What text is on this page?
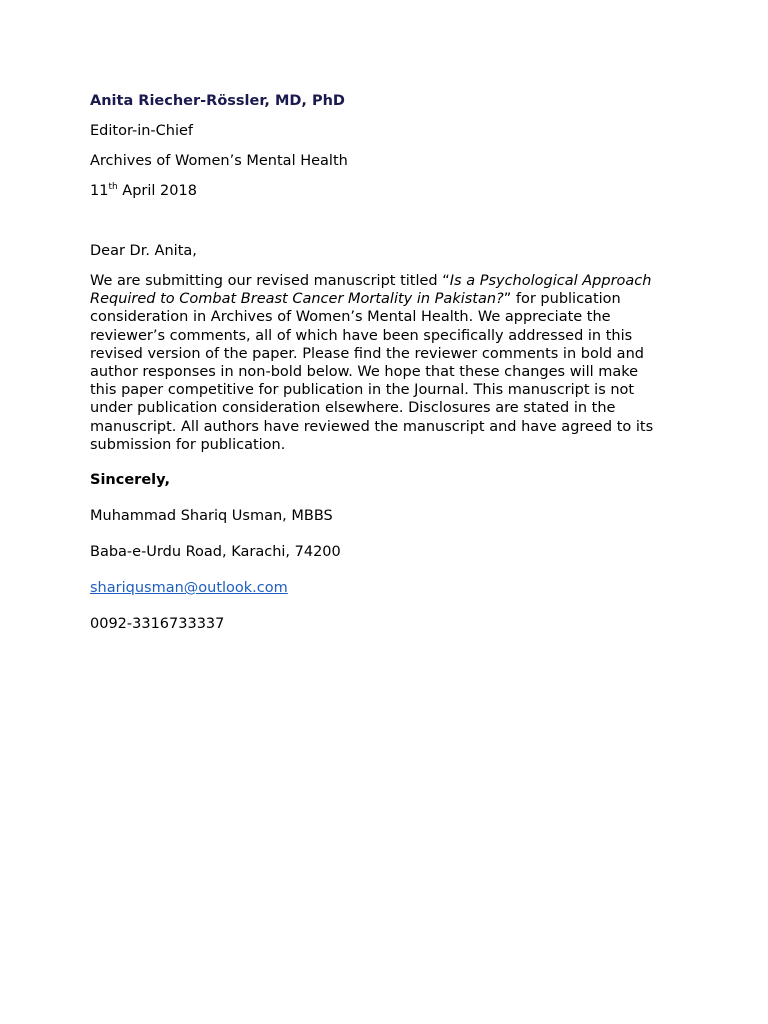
Anita Riecher-Rössler, MD, PhD
Editor-in-Chief
Archives of Women’s Mental Health
11th April 2018
Dear Dr. Anita,
We are submitting our revised manuscript titled “Is a Psychological Approach
Required to Combat Breast Cancer Mortality in Pakistan?” for publication
consideration in Archives of Women’s Mental Health. We appreciate the
reviewer’s comments, all of which have been specifically addressed in this
revised version of the paper. Please find the reviewer comments in bold and
author responses in non-bold below. We hope that these changes will make
this paper competitive for publication in the Journal. This manuscript is not
under publication consideration elsewhere. Disclosures are stated in the
manuscript. All authors have reviewed the manuscript and have agreed to its
submission for publication.
Sincerely,
Muhammad Shariq Usman, MBBS
Baba-e-Urdu Road, Karachi, 74200
shariqusman@outlook.com
0092-3316733337
